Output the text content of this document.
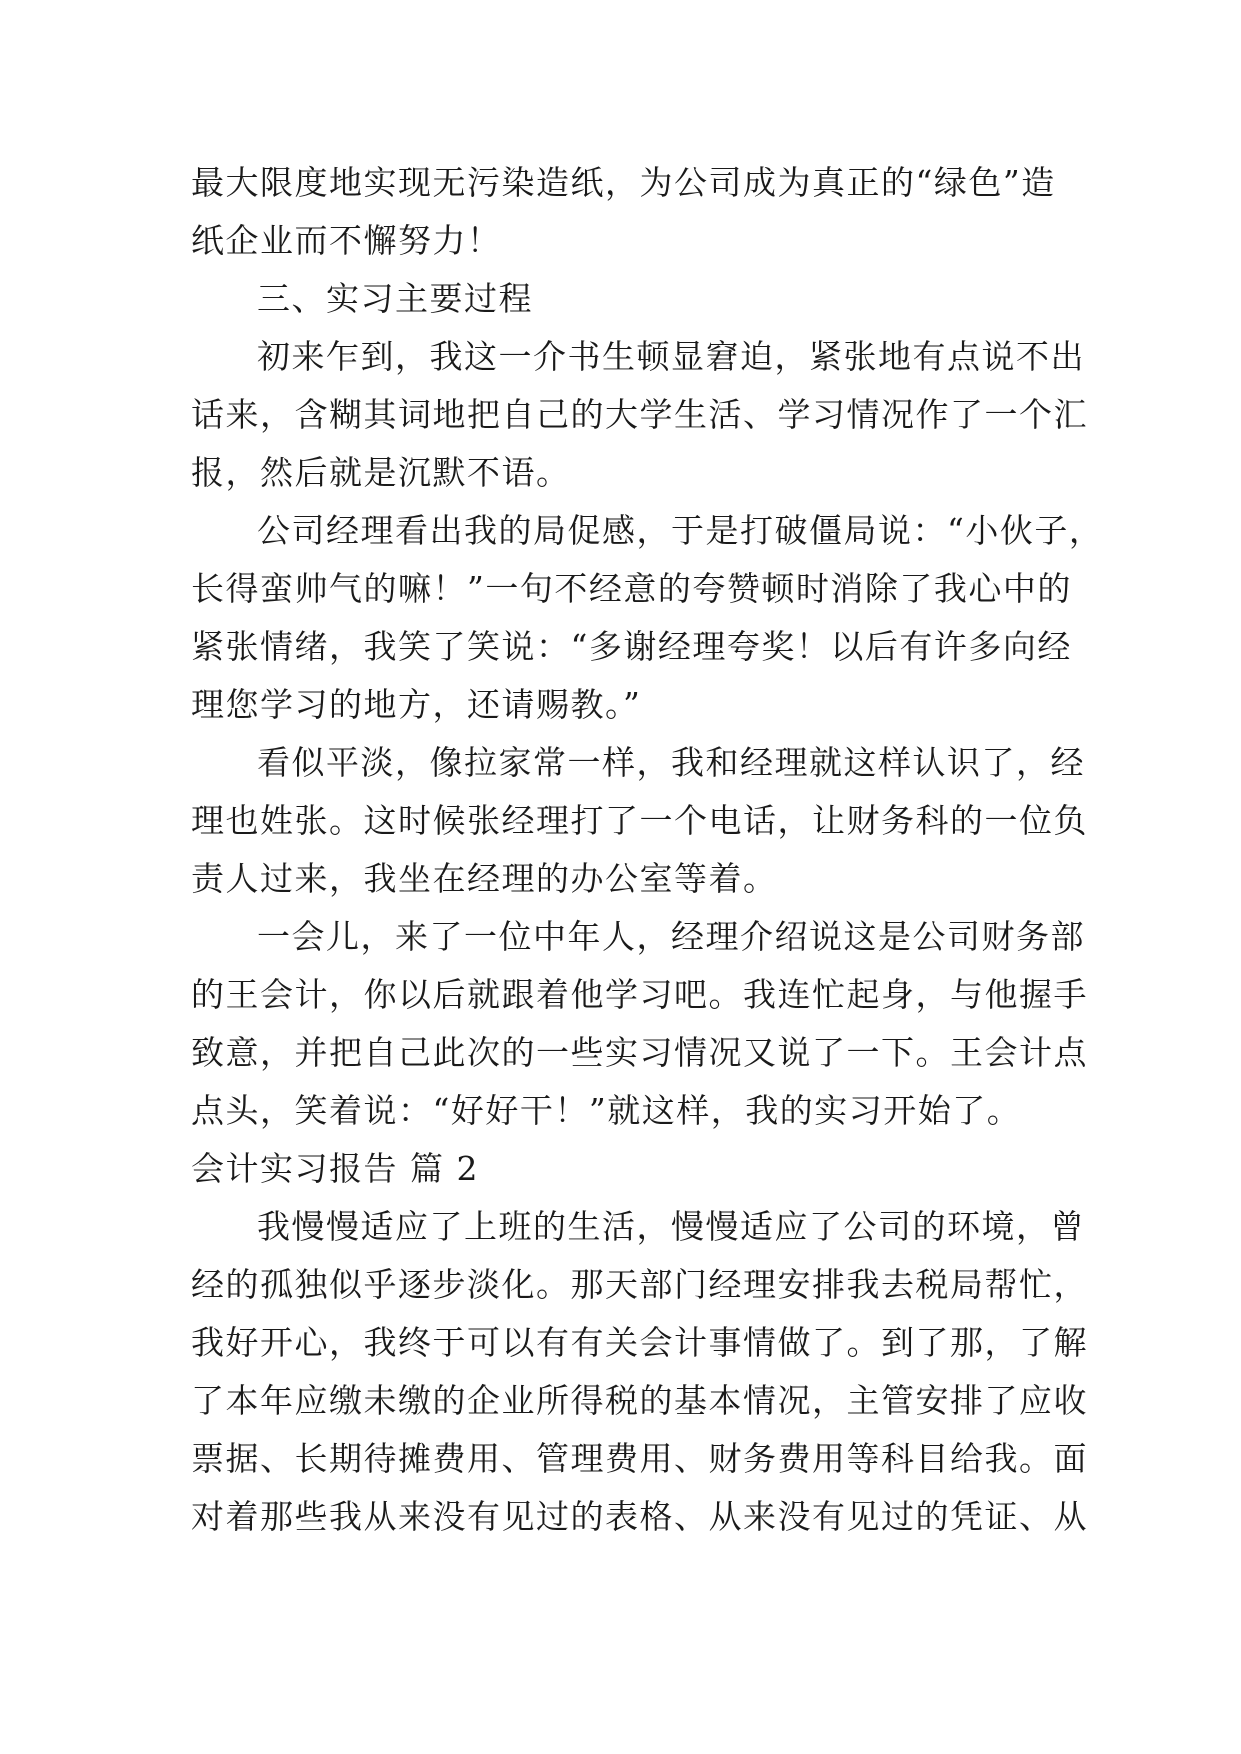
最大限度地实现无污染造纸，为公司成为真正的“绿色”造
纸企业而不懈努力！
三、实习主要过程
初来乍到，我这一介书生顿显窘迫，紧张地有点说不出
话来，含糊其词地把自己的大学生活、学习情况作了一个汇
报，然后就是沉默不语。
公司经理看出我的局促感，于是打破僵局说：“小伙子，
长得蛮帅气的嘛！”一句不经意的夸赞顿时消除了我心中的
紧张情绪，我笑了笑说：“多谢经理夸奖！以后有许多向经
理您学习的地方，还请赐教。”
看似平淡，像拉家常一样，我和经理就这样认识了，经
理也姓张。这时候张经理打了一个电话，让财务科的一位负
责人过来，我坐在经理的办公室等着。
一会儿，来了一位中年人，经理介绍说这是公司财务部
的王会计，你以后就跟着他学习吧。我连忙起身，与他握手
致意，并把自己此次的一些实习情况又说了一下。王会计点
点头，笑着说：“好好干！”就这样，我的实习开始了。
会计实习报告 篇 2
我慢慢适应了上班的生活，慢慢适应了公司的环境，曾
经的孤独似乎逐步淡化。那天部门经理安排我去税局帮忙，
我好开心，我终于可以有有关会计事情做了。到了那，了解
了本年应缴未缴的企业所得税的基本情况，主管安排了应收
票据、长期待摊费用、管理费用、财务费用等科目给我。面
对着那些我从来没有见过的表格、从来没有见过的凭证、从
